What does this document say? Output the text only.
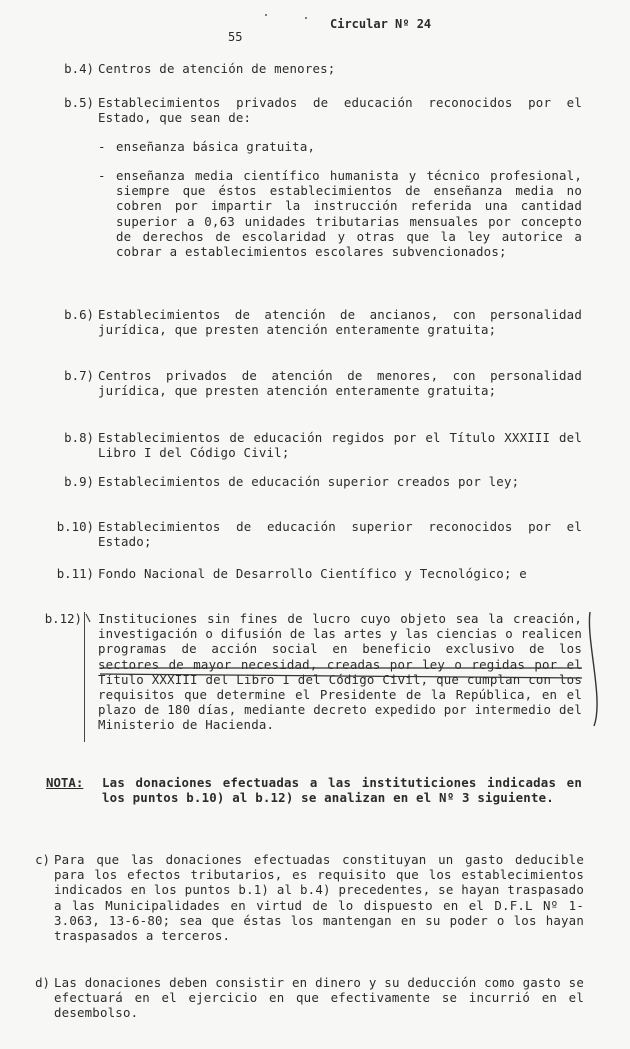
55
Circular Nº 24
b.4) Centros de atención de menores;
b.5) Establecimientos privados de educación reconocidos por el Estado, que sean de:
- enseñanza básica gratuita,
- enseñanza media científico humanista y técnico profesional, siempre que éstos establecimientos de enseñanza media no cobren por impartir la instrucción referida una cantidad superior a 0,63 unidades tributarias mensuales por concepto de derechos de escolaridad y otras que la ley autorice a cobrar a establecimientos escolares subvencionados;
b.6) Establecimientos de atención de ancianos, con personalidad jurídica, que presten atención enteramente gratuita;
b.7) Centros privados de atención de menores, con personalidad jurídica, que presten atención enteramente gratuita;
b.8) Establecimientos de educación regidos por el Título XXXIII del Libro I del Código Civil;
b.9) Establecimientos de educación superior creados por ley;
b.10) Establecimientos de educación superior reconocidos por el Estado;
b.11) Fondo Nacional de Desarrollo Científico y Tecnológico; e
b.12) Instituciones sin fines de lucro cuyo objeto sea la creación, investigación o difusión de las artes y las ciencias o realicen programas de acción social en beneficio exclusivo de los sectores de mayor necesidad, creadas por ley o regidas por el Título XXXIII del Libro I del Código Civil, que cumplan con los requisitos que determine el Presidente de la República, en el plazo de 180 días, mediante decreto expedido por intermedio del Ministerio de Hacienda.
NOTA: Las donaciones efectuadas a las instituticiones indicadas en los puntos b.10) al b.12) se analizan en el Nº 3 siguiente.
c) Para que las donaciones efectuadas constituyan un gasto deducible para los efectos tributarios, es requisito que los establecimientos indicados en los puntos b.1) al b.4) precedentes, se hayan traspasado a las Municipalidades en virtud de lo dispuesto en el D.F.L Nº 1-3.063, 13-6-80; sea que éstas los mantengan en su poder o los hayan traspasados a terceros.
d) Las donaciones deben consistir en dinero y su deducción como gasto se efectuará en el ejercicio en que efectivamente se incurrió en el desembolso.
